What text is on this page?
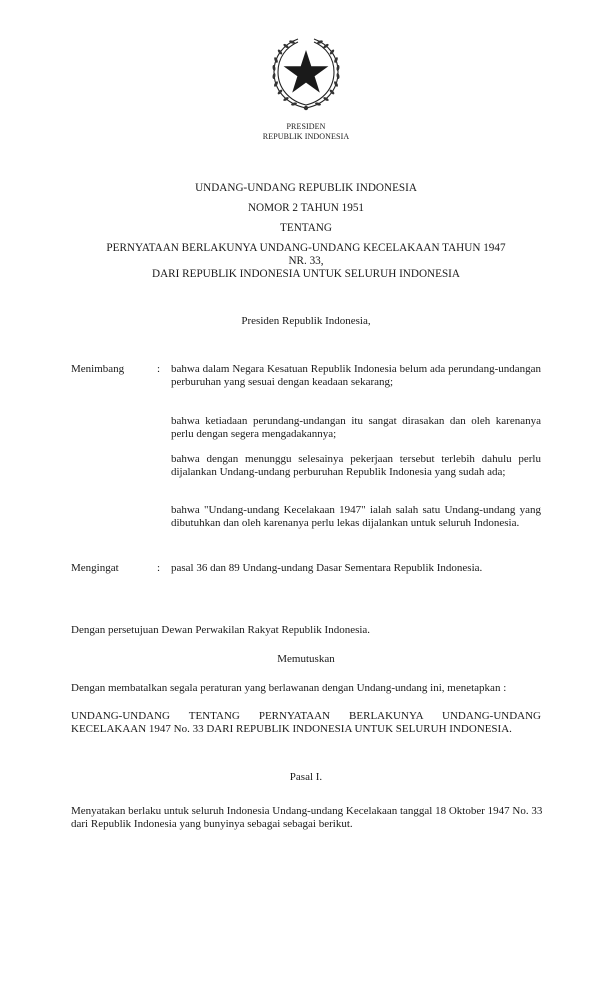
PRESIDEN
REPUBLIK INDONESIA
UNDANG-UNDANG REPUBLIK INDONESIA
NOMOR 2 TAHUN 1951
TENTANG
PERNYATAAN BERLAKUNYA UNDANG-UNDANG KECELAKAAN TAHUN 1947
NR. 33,
DARI REPUBLIK INDONESIA UNTUK SELURUH INDONESIA
Presiden Republik Indonesia,
Menimbang	: bahwa dalam Negara Kesatuan Republik Indonesia belum ada perundang-undangan perburuhan yang sesuai dengan keadaan sekarang;
bahwa ketiadaan perundang-undangan itu sangat dirasakan dan oleh karenanya perlu dengan segera mengadakannya;
bahwa dengan menunggu selesainya pekerjaan tersebut terlebih dahulu perlu dijalankan Undang-undang perburuhan Republik Indonesia yang sudah ada;
bahwa "Undang-undang Kecelakaan 1947" ialah salah satu Undang-undang yang dibutuhkan dan oleh karenanya perlu lekas dijalankan untuk seluruh Indonesia.
Mengingat	: pasal 36 dan 89 Undang-undang Dasar Sementara Republik Indonesia.
Dengan persetujuan Dewan Perwakilan Rakyat Republik Indonesia.
Memutuskan
Dengan membatalkan segala peraturan yang berlawanan dengan Undang-undang ini, menetapkan :
UNDANG-UNDANG TENTANG PERNYATAAN BERLAKUNYA UNDANG-UNDANG KECELAKAAN 1947 No. 33 DARI REPUBLIK INDONESIA UNTUK SELURUH INDONESIA.
Pasal I.
Menyatakan berlaku untuk seluruh Indonesia Undang-undang Kecelakaan tanggal 18 Oktober 1947 No. 33 dari Republik Indonesia yang bunyinya sebagai sebagai berikut.
